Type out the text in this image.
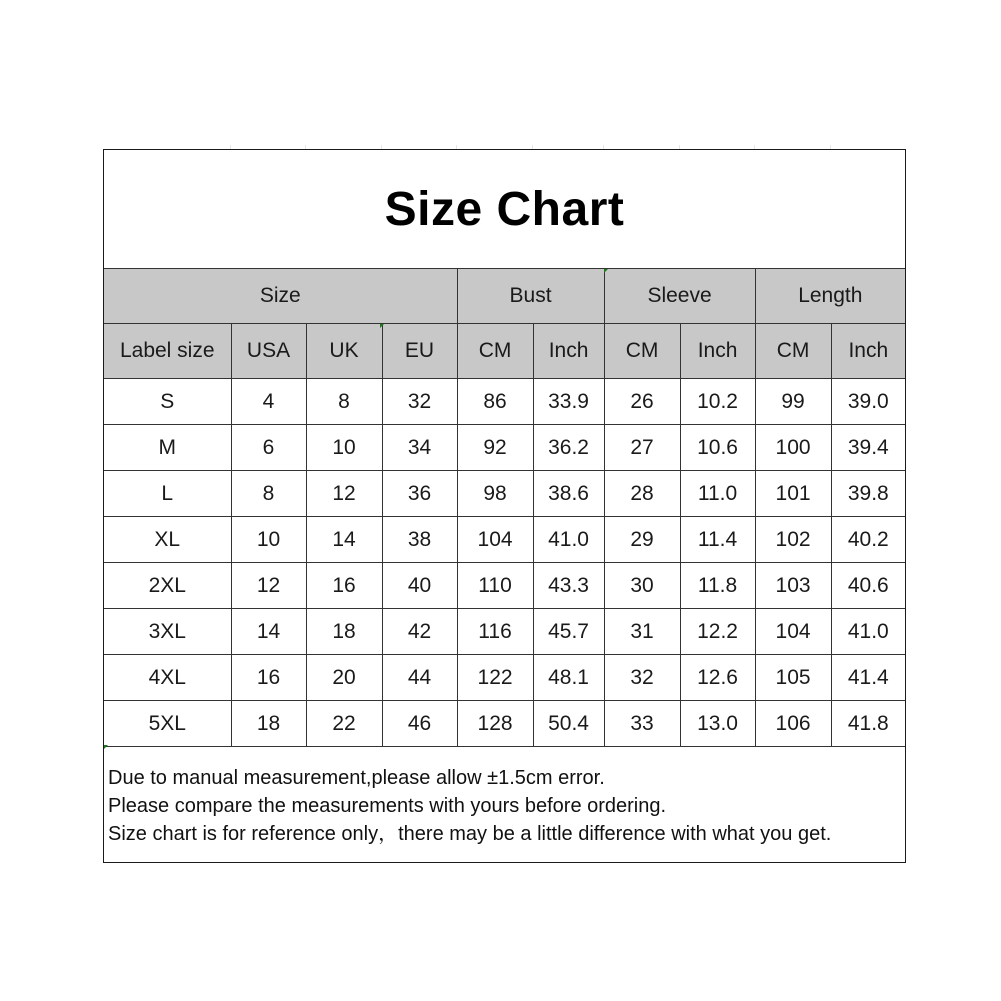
Size Chart
Size				Bust		Sleeve		Length	
Label size	USA	UK	EU	CM	Inch	CM	Inch	CM	Inch
S	4	8	32	86	33.9	26	10.2	99	39.0
M	6	10	34	92	36.2	27	10.6	100	39.4
L	8	12	36	98	38.6	28	11.0	101	39.8
XL	10	14	38	104	41.0	29	11.4	102	40.2
2XL	12	16	40	110	43.3	30	11.8	103	40.6
3XL	14	18	42	116	45.7	31	12.2	104	41.0
4XL	16	20	44	122	48.1	32	12.6	105	41.4
5XL	18	22	46	128	50.4	33	13.0	106	41.8
Due to manual measurement,please allow ±1.5cm error.
Please compare the measurements with yours before ordering.
Size chart is for reference only，there may be a little difference with what you get.
